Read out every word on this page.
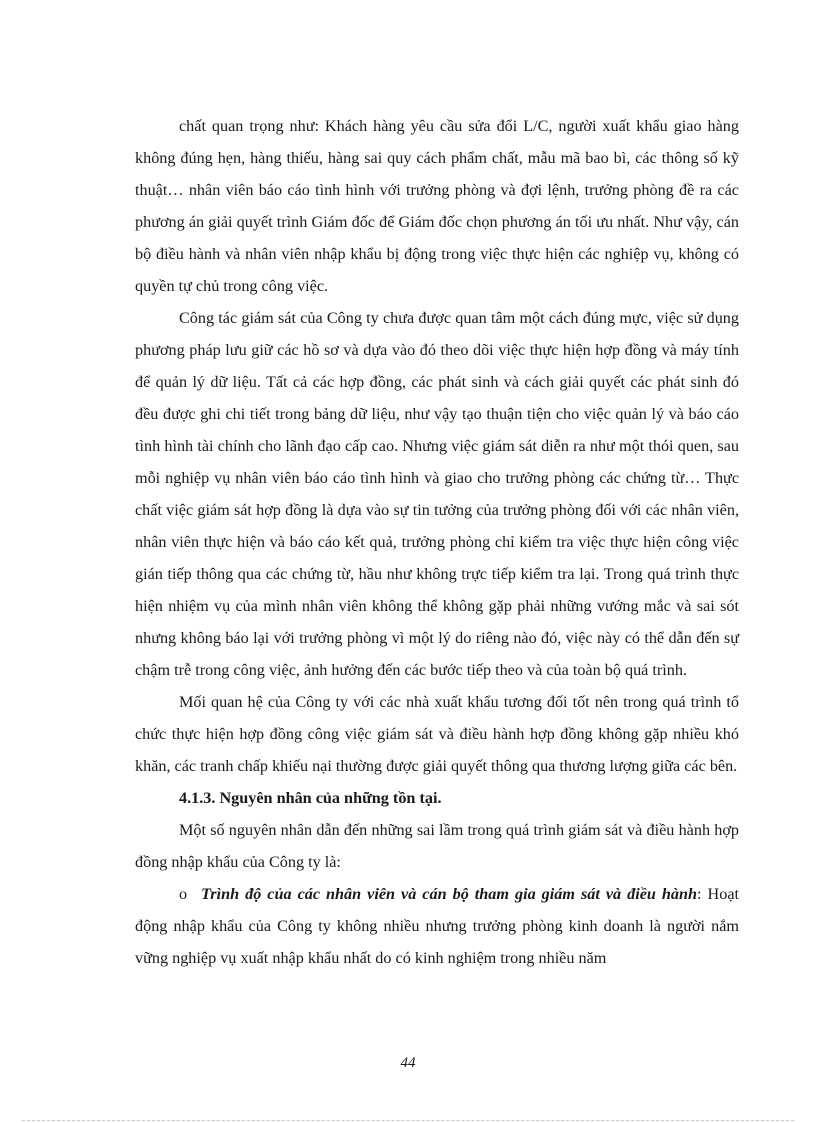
chất quan trọng như: Khách hàng yêu cầu sửa đổi L/C, người xuất khẩu giao hàng không đúng hẹn, hàng thiếu, hàng sai quy cách phẩm chất, mẫu mã bao bì, các thông số kỹ thuật… nhân viên báo cáo tình hình với trưởng phòng và đợi lệnh, trưởng phòng đề ra các phương án giải quyết trình Giám đốc để Giám đốc chọn phương án tối ưu nhất. Như vậy, cán bộ điều hành và nhân viên nhập khẩu bị động trong việc thực hiện các nghiệp vụ, không có quyền tự chủ trong công việc.

Công tác giám sát của Công ty chưa được quan tâm một cách đúng mực, việc sử dụng phương pháp lưu giữ các hồ sơ và dựa vào đó theo dõi việc thực hiện hợp đồng và máy tính để quản lý dữ liệu. Tất cả các hợp đồng, các phát sinh và cách giải quyết các phát sinh đó đều được ghi chi tiết trong bảng dữ liệu, như vậy tạo thuận tiện cho việc quản lý và báo cáo tình hình tài chính cho lãnh đạo cấp cao. Nhưng việc giám sát diễn ra như một thói quen, sau mỗi nghiệp vụ nhân viên báo cáo tình hình và giao cho trưởng phòng các chứng từ… Thực chất việc giám sát hợp đồng là dựa vào sự tin tưởng của trưởng phòng đối với các nhân viên, nhân viên thực hiện và báo cáo kết quả, trưởng phòng chỉ kiểm tra việc thực hiện công việc gián tiếp thông qua các chứng từ, hầu như không trực tiếp kiểm tra lại. Trong quá trình thực hiện nhiệm vụ của mình nhân viên không thể không gặp phải những vướng mắc và sai sót nhưng không báo lại với trưởng phòng vì một lý do riêng nào đó, việc này có thể dẫn đến sự chậm trễ trong công việc, ảnh hưởng đến các bước tiếp theo và của toàn bộ quá trình.

Mối quan hệ của Công ty với các nhà xuất khẩu tương đối tốt nên trong quá trình tổ chức thực hiện hợp đồng công việc giám sát và điều hành hợp đồng không gặp nhiều khó khăn, các tranh chấp khiếu nại thường được giải quyết thông qua thương lượng giữa các bên.

4.1.3. Nguyên nhân của những tồn tại.

Một số nguyên nhân dẫn đến những sai lầm trong quá trình giám sát và điều hành hợp đồng nhập khẩu của Công ty là:

o Trình độ của các nhân viên và cán bộ tham gia giám sát và điều hành: Hoạt động nhập khẩu của Công ty không nhiều nhưng trưởng phòng kinh doanh là người nắm vững nghiệp vụ xuất nhập khẩu nhất do có kinh nghiệm trong nhiều năm
44
